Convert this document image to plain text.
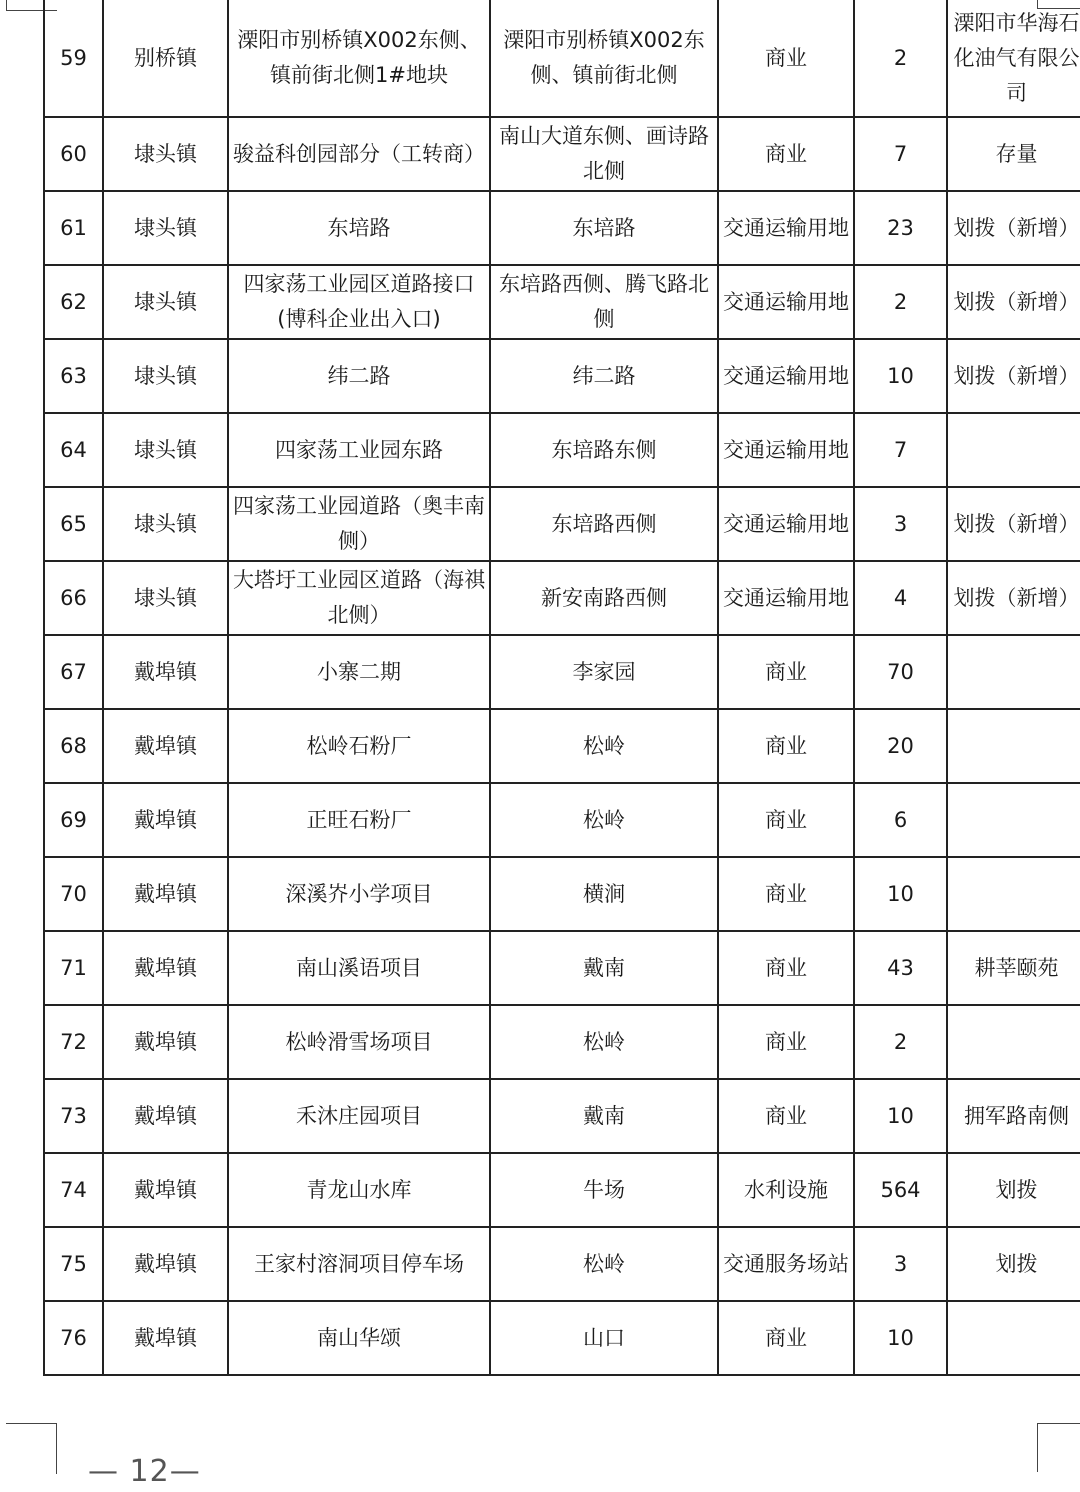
59	别桥镇	溧阳市别桥镇X002东侧、镇前街北侧1#地块	溧阳市别桥镇X002东侧、镇前街北侧	商业	2	溧阳市华海石化油气有限公司
60	埭头镇	骏益科创园部分（工转商）	南山大道东侧、画诗路北侧	商业	7	存量
61	埭头镇	东培路	东培路	交通运输用地	23	划拨（新增）
62	埭头镇	四家荡工业园区道路接口(博科企业出入口)	东培路西侧、腾飞路北侧	交通运输用地	2	划拨（新增）
63	埭头镇	纬二路	纬二路	交通运输用地	10	划拨（新增）
64	埭头镇	四家荡工业园东路	东培路东侧	交通运输用地	7	
65	埭头镇	四家荡工业园道路（奥丰南侧）	东培路西侧	交通运输用地	3	划拨（新增）
66	埭头镇	大塔圩工业园区道路（海祺北侧）	新安南路西侧	交通运输用地	4	划拨（新增）
67	戴埠镇	小寨二期	李家园	商业	70	
68	戴埠镇	松岭石粉厂	松岭	商业	20	
69	戴埠镇	正旺石粉厂	松岭	商业	6	
70	戴埠镇	深溪岕小学项目	横涧	商业	10	
71	戴埠镇	南山溪语项目	戴南	商业	43	耕莘颐苑
72	戴埠镇	松岭滑雪场项目	松岭	商业	2	
73	戴埠镇	禾沐庄园项目	戴南	商业	10	拥军路南侧
74	戴埠镇	青龙山水库	牛场	水利设施	564	划拨
75	戴埠镇	王家村溶洞项目停车场	松岭	交通服务场站	3	划拨
76	戴埠镇	南山华颂	山口	商业	10	
— 12—
